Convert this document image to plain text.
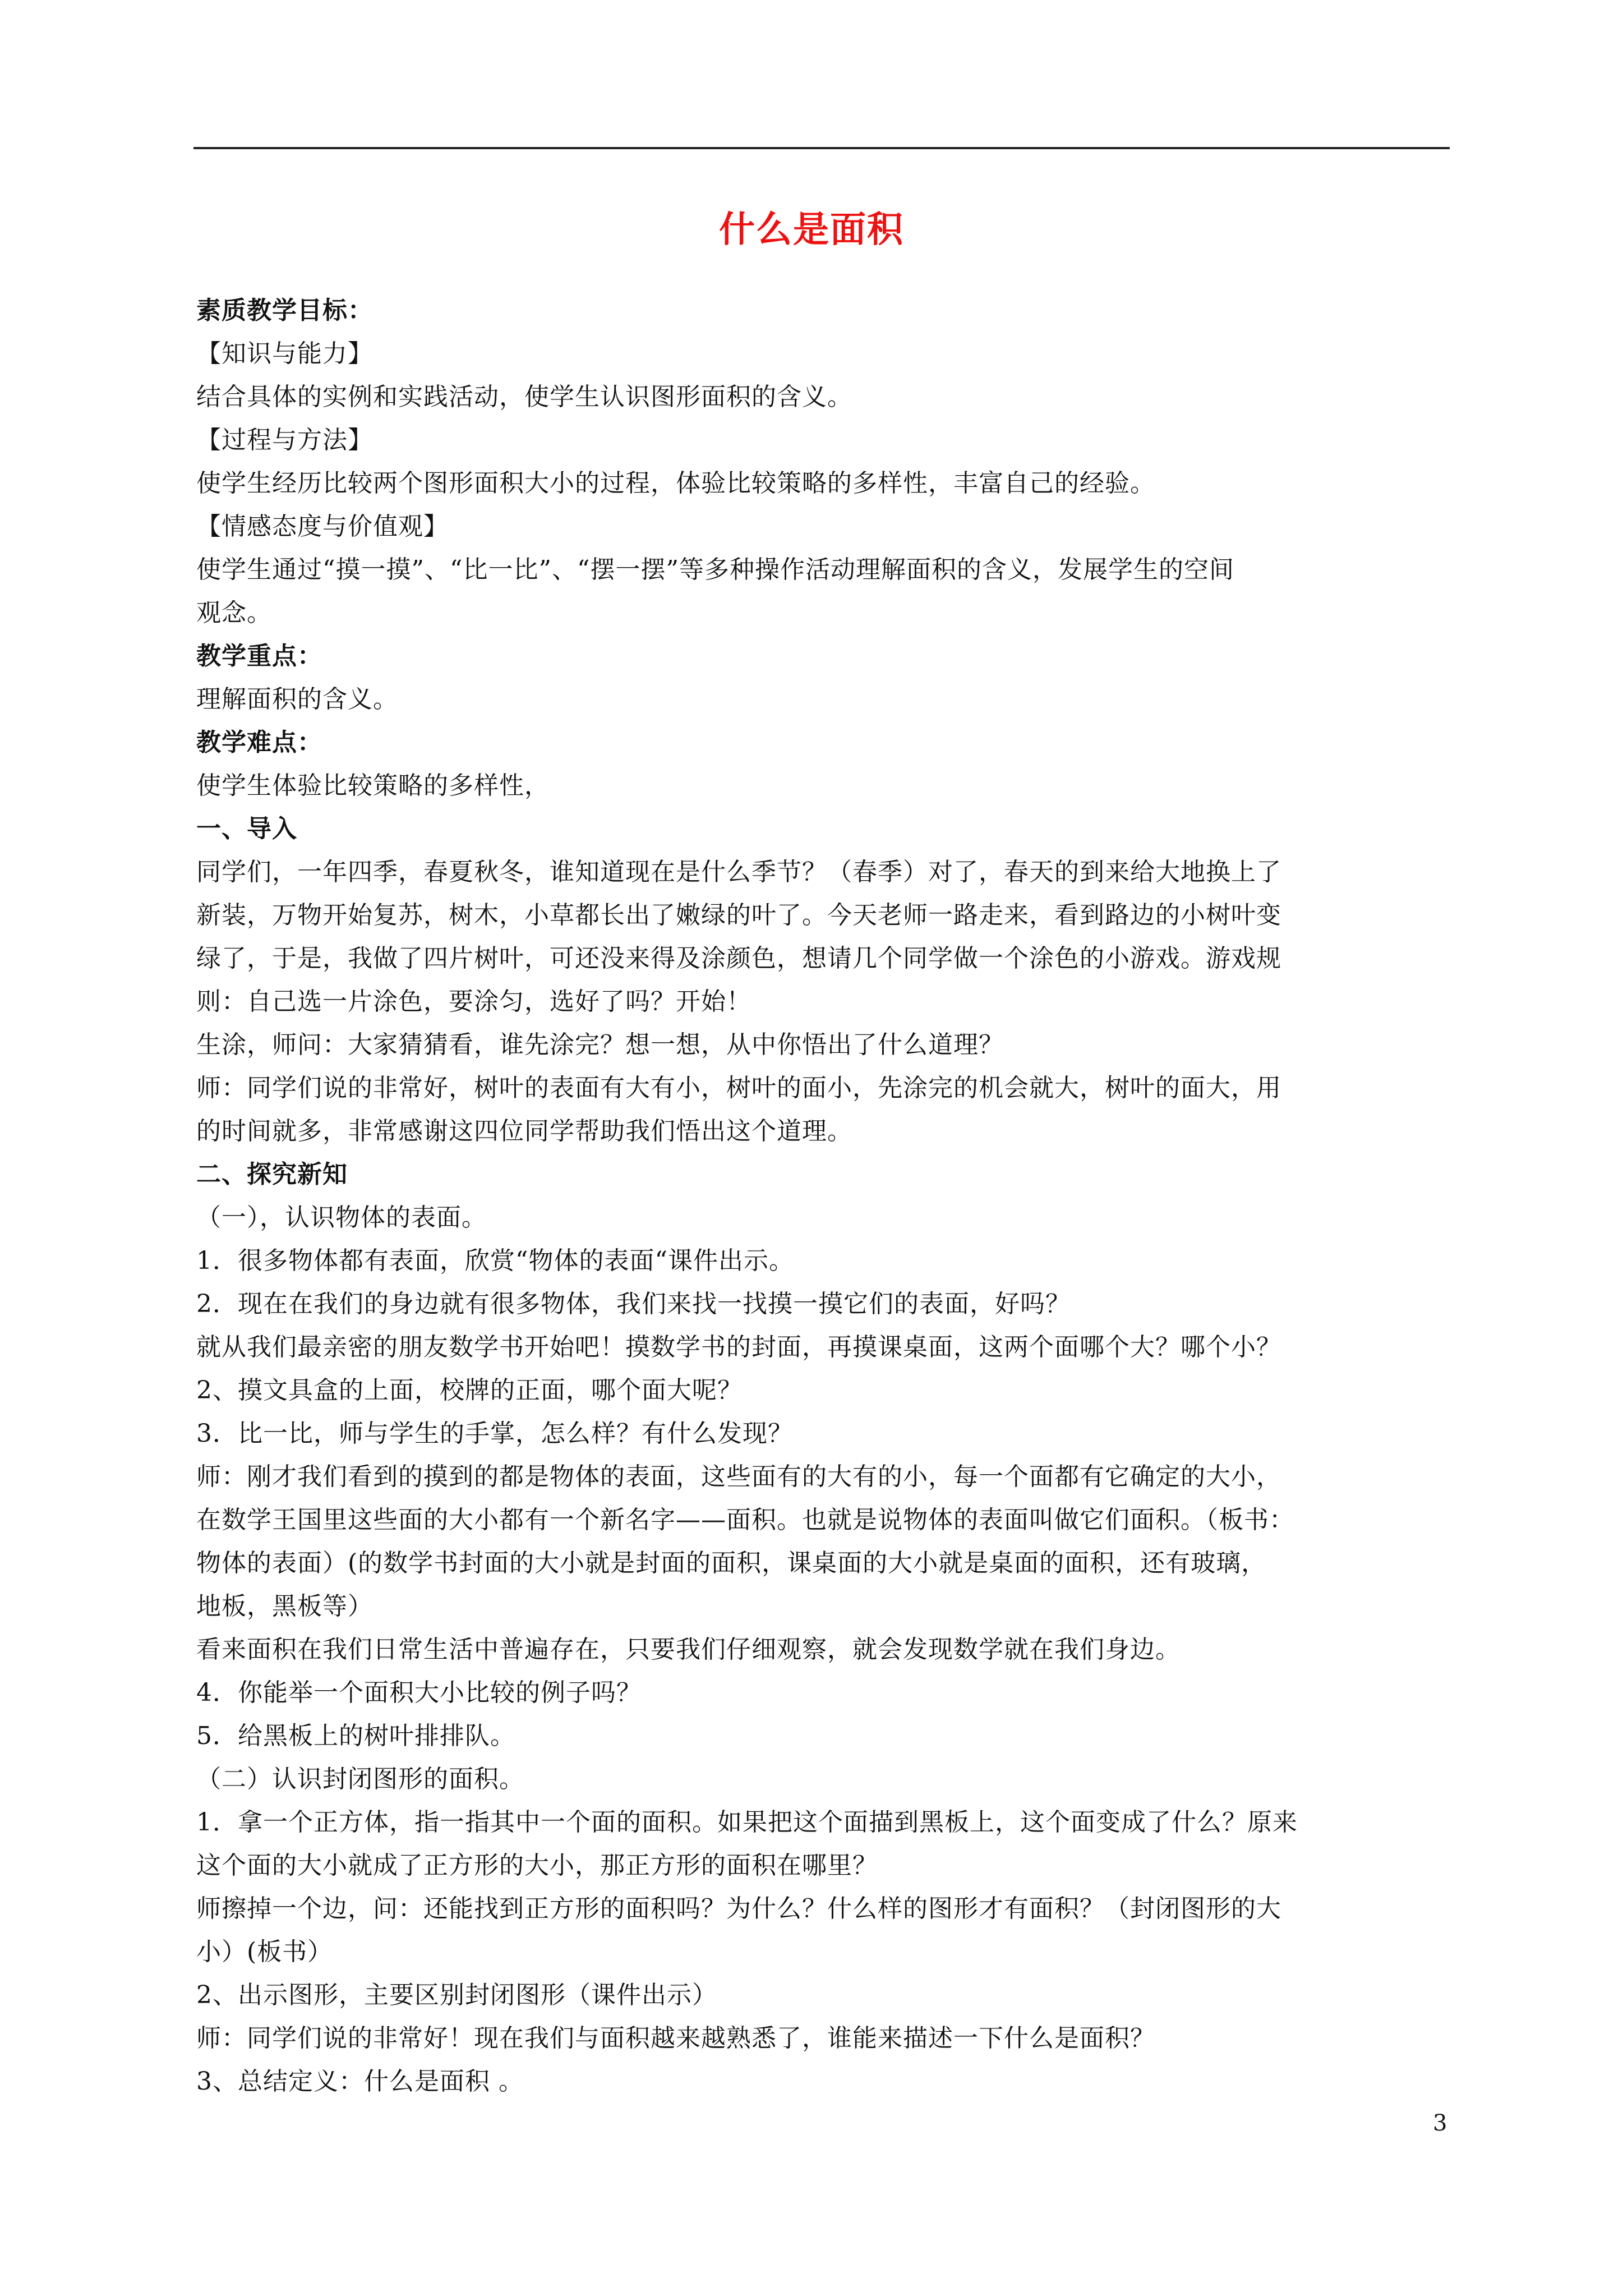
什么是面积
素质教学目标：
【知识与能力】
结合具体的实例和实践活动，使学生认识图形面积的含义。
【过程与方法】
使学生经历比较两个图形面积大小的过程，体验比较策略的多样性，丰富自己的经验。
【情感态度与价值观】
使学生通过“摸一摸”、“比一比”、“摆一摆”等多种操作活动理解面积的含义，发展学生的空间
观念。
教学重点：
理解面积的含义。
教学难点：
使学生体验比较策略的多样性，
一、导入
同学们，一年四季，春夏秋冬，谁知道现在是什么季节？（春季）对了，春天的到来给大地换上了
新装，万物开始复苏，树木，小草都长出了嫩绿的叶了。今天老师一路走来，看到路边的小树叶变
绿了，于是，我做了四片树叶，可还没来得及涂颜色，想请几个同学做一个涂色的小游戏。游戏规
则：自己选一片涂色，要涂匀，选好了吗？开始！
生涂，师问：大家猜猜看，谁先涂完？想一想，从中你悟出了什么道理？
师：同学们说的非常好，树叶的表面有大有小，树叶的面小，先涂完的机会就大，树叶的面大，用
的时间就多，非常感谢这四位同学帮助我们悟出这个道理。
二、探究新知
（一），认识物体的表面。
1．很多物体都有表面，欣赏“物体的表面“课件出示。
2．现在在我们的身边就有很多物体，我们来找一找摸一摸它们的表面，好吗？
就从我们最亲密的朋友数学书开始吧！摸数学书的封面，再摸课桌面，这两个面哪个大？哪个小？
2、摸文具盒的上面，校牌的正面，哪个面大呢？
3．比一比，师与学生的手掌，怎么样？有什么发现？
师：刚才我们看到的摸到的都是物体的表面，这些面有的大有的小，每一个面都有它确定的大小，
在数学王国里这些面的大小都有一个新名字——面积。也就是说物体的表面叫做它们面积。（板书：
物体的表面）(的数学书封面的大小就是封面的面积，课桌面的大小就是桌面的面积，还有玻璃，
地板，黑板等）
看来面积在我们日常生活中普遍存在，只要我们仔细观察，就会发现数学就在我们身边。
4．你能举一个面积大小比较的例子吗？
5．给黑板上的树叶排排队。
（二）认识封闭图形的面积。
1．拿一个正方体，指一指其中一个面的面积。如果把这个面描到黑板上，这个面变成了什么？原来
这个面的大小就成了正方形的大小，那正方形的面积在哪里？
师擦掉一个边，问：还能找到正方形的面积吗？为什么？什么样的图形才有面积？（封闭图形的大
小）(板书）
2、出示图形，主要区别封闭图形（课件出示）
师：同学们说的非常好！现在我们与面积越来越熟悉了，谁能来描述一下什么是面积？
3、总结定义：什么是面积 。
3
